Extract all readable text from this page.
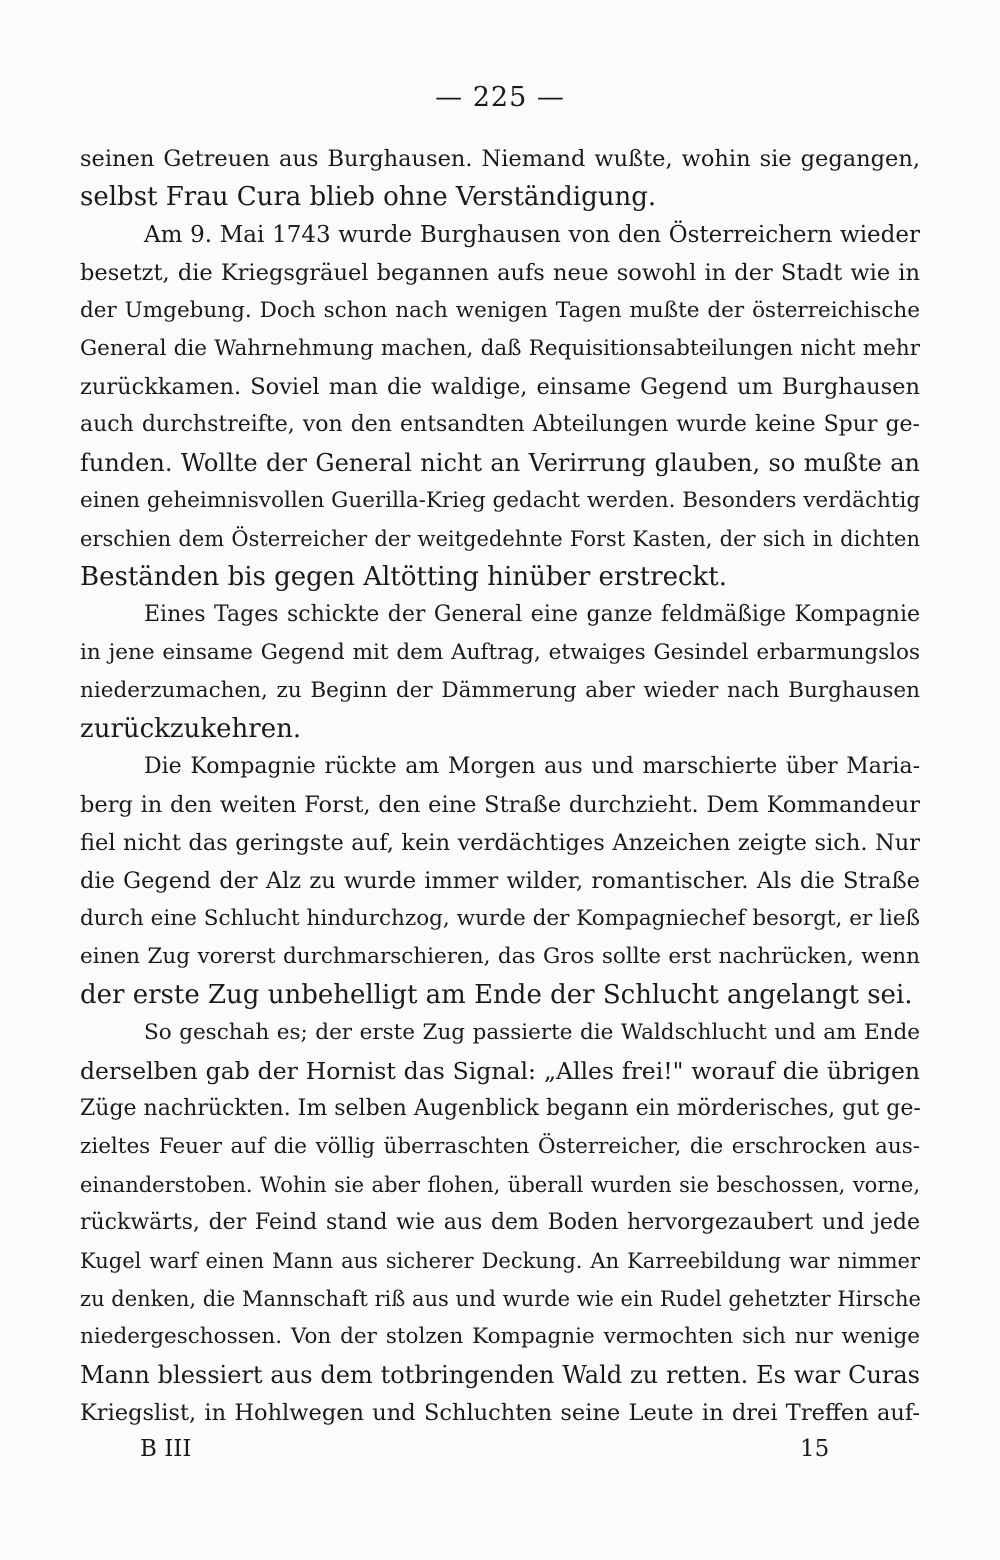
— 225 —
seinen Getreuen aus Burghausen. Niemand wußte, wohin sie gegangen,
selbst Frau Cura blieb ohne Verständigung.
Am 9. Mai 1743 wurde Burghausen von den Österreichern wieder
besetzt, die Kriegsgräuel begannen aufs neue sowohl in der Stadt wie in
der Umgebung. Doch schon nach wenigen Tagen mußte der österreichische
General die Wahrnehmung machen, daß Requisitionsabteilungen nicht mehr
zurückkamen. Soviel man die waldige, einsame Gegend um Burghausen
auch durchstreifte, von den entsandten Abteilungen wurde keine Spur ge-
funden. Wollte der General nicht an Verirrung glauben, so mußte an
einen geheimnisvollen Guerilla-Krieg gedacht werden. Besonders verdächtig
erschien dem Österreicher der weitgedehnte Forst Kasten, der sich in dichten
Beständen bis gegen Altötting hinüber erstreckt.
Eines Tages schickte der General eine ganze feldmäßige Kompagnie
in jene einsame Gegend mit dem Auftrag, etwaiges Gesindel erbarmungslos
niederzumachen, zu Beginn der Dämmerung aber wieder nach Burghausen
zurückzukehren.
Die Kompagnie rückte am Morgen aus und marschierte über Maria-
berg in den weiten Forst, den eine Straße durchzieht. Dem Kommandeur
fiel nicht das geringste auf, kein verdächtiges Anzeichen zeigte sich. Nur
die Gegend der Alz zu wurde immer wilder, romantischer. Als die Straße
durch eine Schlucht hindurchzog, wurde der Kompagniechef besorgt, er ließ
einen Zug vorerst durchmarschieren, das Gros sollte erst nachrücken, wenn
der erste Zug unbehelligt am Ende der Schlucht angelangt sei.
So geschah es; der erste Zug passierte die Waldschlucht und am Ende
derselben gab der Hornist das Signal: „Alles frei!" worauf die übrigen
Züge nachrückten. Im selben Augenblick begann ein mörderisches, gut ge-
zieltes Feuer auf die völlig überraschten Österreicher, die erschrocken aus-
einanderstoben. Wohin sie aber flohen, überall wurden sie beschossen, vorne,
rückwärts, der Feind stand wie aus dem Boden hervorgezaubert und jede
Kugel warf einen Mann aus sicherer Deckung. An Karreebildung war nimmer
zu denken, die Mannschaft riß aus und wurde wie ein Rudel gehetzter Hirsche
niedergeschossen. Von der stolzen Kompagnie vermochten sich nur wenige
Mann blessiert aus dem totbringenden Wald zu retten. Es war Curas
Kriegslist, in Hohlwegen und Schluchten seine Leute in drei Treffen auf-
B III	15
